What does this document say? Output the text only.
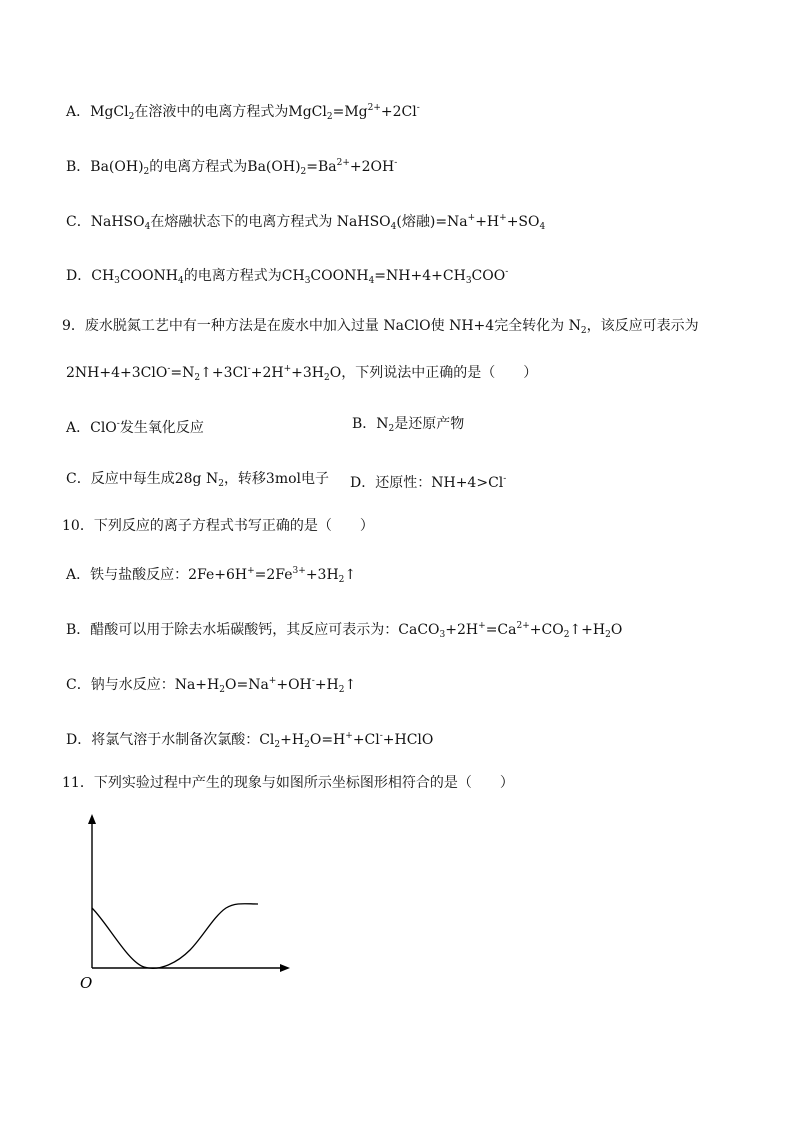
A．MgCl$_2$在溶液中的电离方程式为$MgCl_2=Mg^{2+}+2Cl^-$
B．$Ba(OH)_2$的电离方程式为$Ba(OH)_2=Ba^{2+}+2OH^-$
C．NaHSO$_4$在熔融状态下的电离方程式为 NaHSO$_4$(熔融)$=Na^++H^++SO_4$
D．$CH_3COONH_4$的电离方程式为$CH_3COONH_4=NH+4+CH_3COO^-$
9．废水脱氮工艺中有一种方法是在废水中加入过量 NaClO使 NH+4完全转化为 $N_2$，该反应可表示为
$2NH+4+3ClO^-=N_2↑+3Cl^-+2H^++3H_2O$，下列说法中正确的是（　　）
A．ClO-发生氧化反应	B．$N_2$是还原产物
C．反应中每生成28g $N_2$，转移3mol电子 D．还原性：NH+4>Cl-
10．下列反应的离子方程式书写正确的是（　　）
A．铁与盐酸反应：$2Fe+6H^+=2Fe^{3+}+3H_2↑$
B．醋酸可以用于除去水垢碳酸钙，其反应可表示为：$CaCO_3+2H^+=Ca^{2+}+CO_2↑+H_2O$
C．钠与水反应：$Na+H_2O=Na^++OH^-+H_2↑$
D．将氯气溶于水制备次氯酸：$Cl_2+H_2O=H^++Cl^-+HClO$
11．下列实验过程中产生的现象与如图所示坐标图形相符合的是（　　）
O
